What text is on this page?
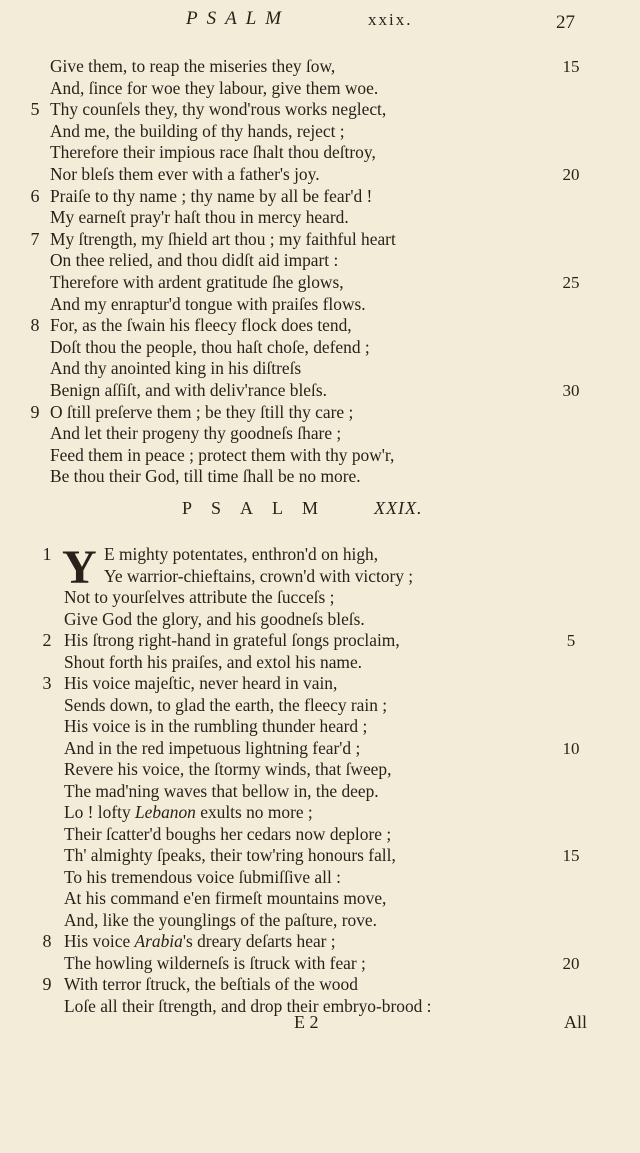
PSALM	xxix.	27
Give them, to reap the miseries they ſow,	15
And, ſince for woe they labour, give them woe.
5 Thy counſels they, thy wond'rous works neglect,
And me, the building of thy hands, reject ;
Therefore their impious race ſhalt thou deſtroy,
Nor bleſs them ever with a father's joy.	20
6 Praiſe to thy name ; thy name by all be fear'd !
My earneſt pray'r haſt thou in mercy heard.
7 My ſtrength, my ſhield art thou ; my faithful heart
On thee relied, and thou didſt aid impart :
Therefore with ardent gratitude ſhe glows,	25
And my enraptur'd tongue with praiſes flows.
8 For, as the ſwain his fleecy flock does tend,
Doſt thou the people, thou haſt choſe, defend ;
And thy anointed king in his diſtreſs
Benign aſſiſt, and with deliv'rance bleſs.	30
9 O ſtill preſerve them ; be they ſtill thy care ;
And let their progeny thy goodneſs ſhare ;
Feed them in peace ; protect them with thy pow'r,
Be thou their God, till time ſhall be no more.
PSALM XXIX.
Y
1	E mighty potentates, enthron'd on high,
Ye warrior-chieftains, crown'd with victory ;
Not to yourſelves attribute the ſucceſs ;
Give God the glory, and his goodneſs bleſs.
2 His ſtrong right-hand in grateful ſongs proclaim,	5
Shout forth his praiſes, and extol his name.
3 His voice majeſtic, never heard in vain,
Sends down, to glad the earth, the fleecy rain ;
His voice is in the rumbling thunder heard ;
And in the red impetuous lightning fear'd ;	10
Revere his voice, the ſtormy winds, that ſweep,
The mad'ning waves that bellow in, the deep.
Lo ! lofty Lebanon exults no more ;
Their ſcatter'd boughs her cedars now deplore ;
Th' almighty ſpeaks, their tow'ring honours fall,	15
To his tremendous voice ſubmiſſive all :
At his command e'en firmeſt mountains move,
And, like the younglings of the paſture, rove.
8 His voice Arabia's dreary deſarts hear ;
The howling wilderneſs is ſtruck with fear ;	20
9 With terror ſtruck, the beſtials of the wood
Loſe all their ſtrength, and drop their embryo-brood :
E 2	All
